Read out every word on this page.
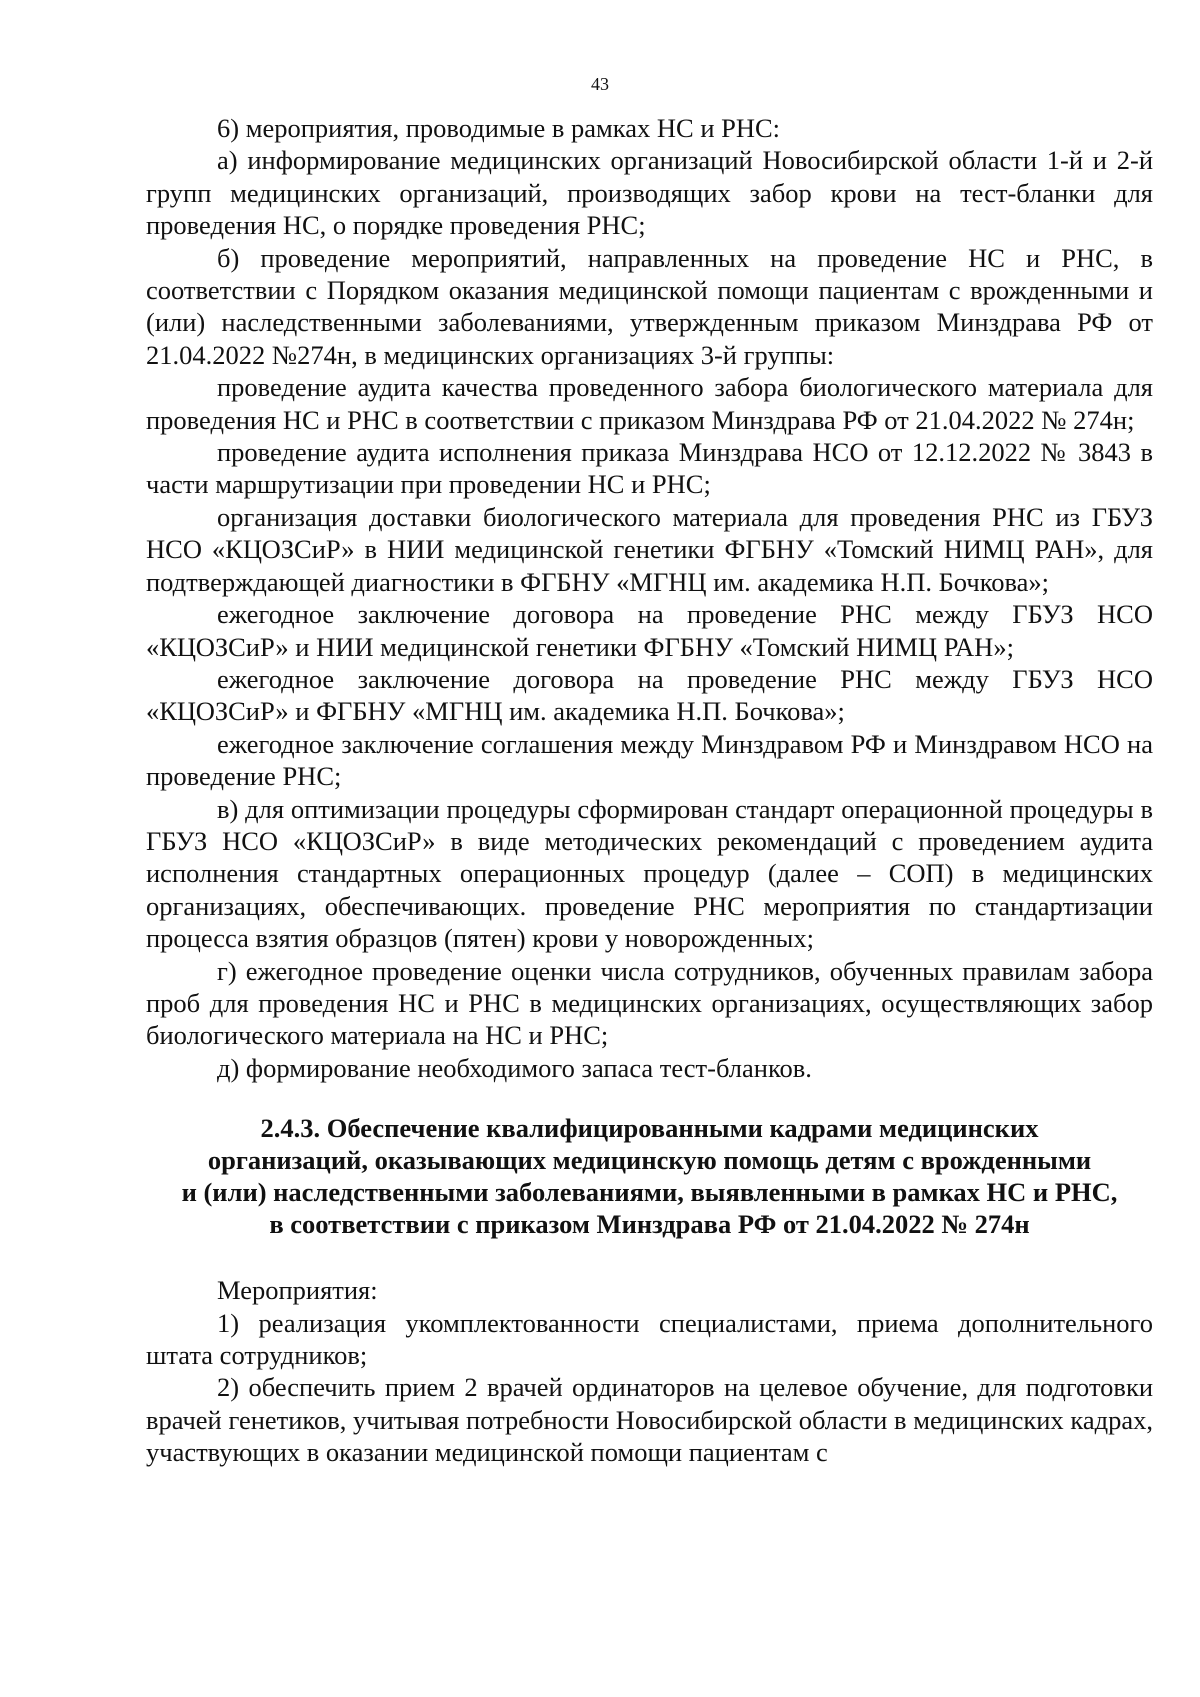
43

6) мероприятия, проводимые в рамках НС и РНС:

а) информирование медицинских организаций Новосибирской области 1-й и 2-й групп медицинских организаций, производящих забор крови на тест-бланки для проведения НС, о порядке проведения РНС;

б) проведение мероприятий, направленных на проведение НС и РНС, в соответствии с Порядком оказания медицинской помощи пациентам с врожденными и (или) наследственными заболеваниями, утвержденным приказом Минздрава РФ от 21.04.2022 №274н, в медицинских организациях 3-й группы:

проведение аудита качества проведенного забора биологического материала для проведения НС и РНС в соответствии с приказом Минздрава РФ от 21.04.2022 № 274н;

проведение аудита исполнения приказа Минздрава НСО от 12.12.2022 № 3843 в части маршрутизации при проведении НС и РНС;

организация доставки биологического материала для проведения РНС из ГБУЗ НСО «КЦОЗСиР» в НИИ медицинской генетики ФГБНУ «Томский НИМЦ РАН», для подтверждающей диагностики в ФГБНУ «МГНЦ им. академика Н.П. Бочкова»;

ежегодное заключение договора на проведение РНС между ГБУЗ НСО «КЦОЗСиР» и НИИ медицинской генетики ФГБНУ «Томский НИМЦ РАН»;

ежегодное заключение договора на проведение РНС между ГБУЗ НСО «КЦОЗСиР» и ФГБНУ «МГНЦ им. академика Н.П. Бочкова»;

ежегодное заключение соглашения между Минздравом РФ и Минздравом НСО на проведение РНС;

в) для оптимизации процедуры сформирован стандарт операционной процедуры в ГБУЗ НСО «КЦОЗСиР» в виде методических рекомендаций с проведением аудита исполнения стандартных операционных процедур (далее – СОП) в медицинских организациях, обеспечивающих. проведение РНС мероприятия по стандартизации процесса взятия образцов (пятен) крови у новорожденных;

г) ежегодное проведение оценки числа сотрудников, обученных правилам забора проб для проведения НС и РНС в медицинских организациях, осуществляющих забор биологического материала на НС и РНС;

д) формирование необходимого запаса тест-бланков.

2.4.3. Обеспечение квалифицированными кадрами медицинских
организаций, оказывающих медицинскую помощь детям с врожденными
и (или) наследственными заболеваниями, выявленными в рамках НС и РНС,
в соответствии с приказом Минздрава РФ от 21.04.2022 № 274н

Мероприятия:

1) реализация укомплектованности специалистами, приема дополнительного штата сотрудников;

2) обеспечить прием 2 врачей ординаторов на целевое обучение, для подготовки врачей генетиков, учитывая потребности Новосибирской области в медицинских кадрах, участвующих в оказании медицинской помощи пациентам с
